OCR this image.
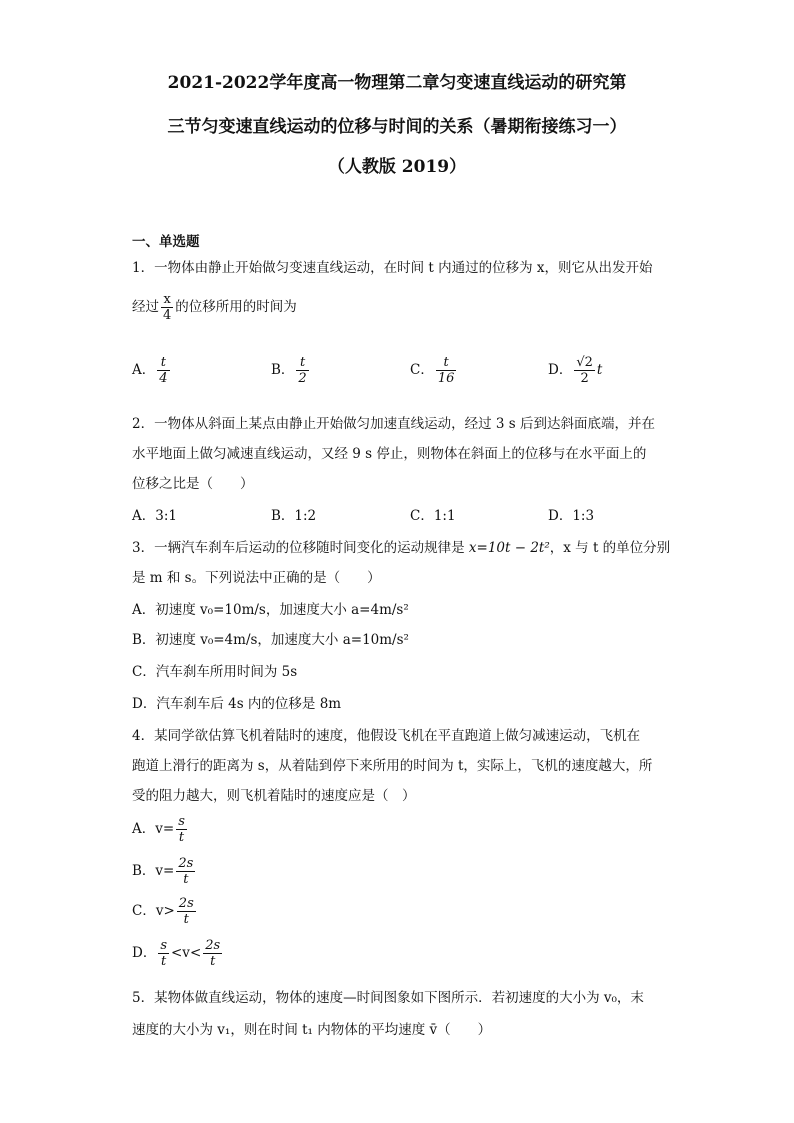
2021-2022学年度高一物理第二章匀变速直线运动的研究第
三节匀变速直线运动的位移与时间的关系（暑期衔接练习一）
（人教版 2019）
一、单选题
1．一物体由静止开始做匀变速直线运动，在时间 t 内通过的位移为 x，则它从出发开始
经过 $\frac{x}{4}$ 的位移所用的时间为
A． $\frac{t}{4}$	B． $\frac{t}{2}$	C． $\frac{t}{16}$	D． $\frac{√2}{2}$ t
2．一物体从斜面上某点由静止开始做匀加速直线运动，经过 3 s 后到达斜面底端，并在
水平地面上做匀减速直线运动，又经 9 s 停止，则物体在斜面上的位移与在水平面上的
位移之比是（　　）
A．3:1	B．1:2	C．1:1	D．1:3
3．一辆汽车刹车后运动的位移随时间变化的运动规律是 x=10t − 2t²，x 与 t 的单位分别
是 m 和 s。下列说法中正确的是（　　）
A．初速度 v₀=10m/s，加速度大小 a=4m/s²
B．初速度 v₀=4m/s，加速度大小 a=10m/s²
C．汽车刹车所用时间为 5s
D．汽车刹车后 4s 内的位移是 8m
4．某同学欲估算飞机着陆时的速度，他假设飞机在平直跑道上做匀减速运动，飞机在
跑道上滑行的距离为 s，从着陆到停下来所用的时间为 t，实际上，飞机的速度越大，所
受的阻力越大，则飞机着陆时的速度应是（　）
A．$v= \frac{s}{t}$
B．$v= \frac{2s}{t}$
C．$v> \frac{2s}{t}$
D． $\frac{s}{t} <v< \frac{2s}{t}$
5．某物体做直线运动，物体的速度—时间图象如下图所示．若初速度的大小为 v₀，末
速度的大小为 v₁，则在时间 t₁ 内物体的平均速度 v̄（　　）
